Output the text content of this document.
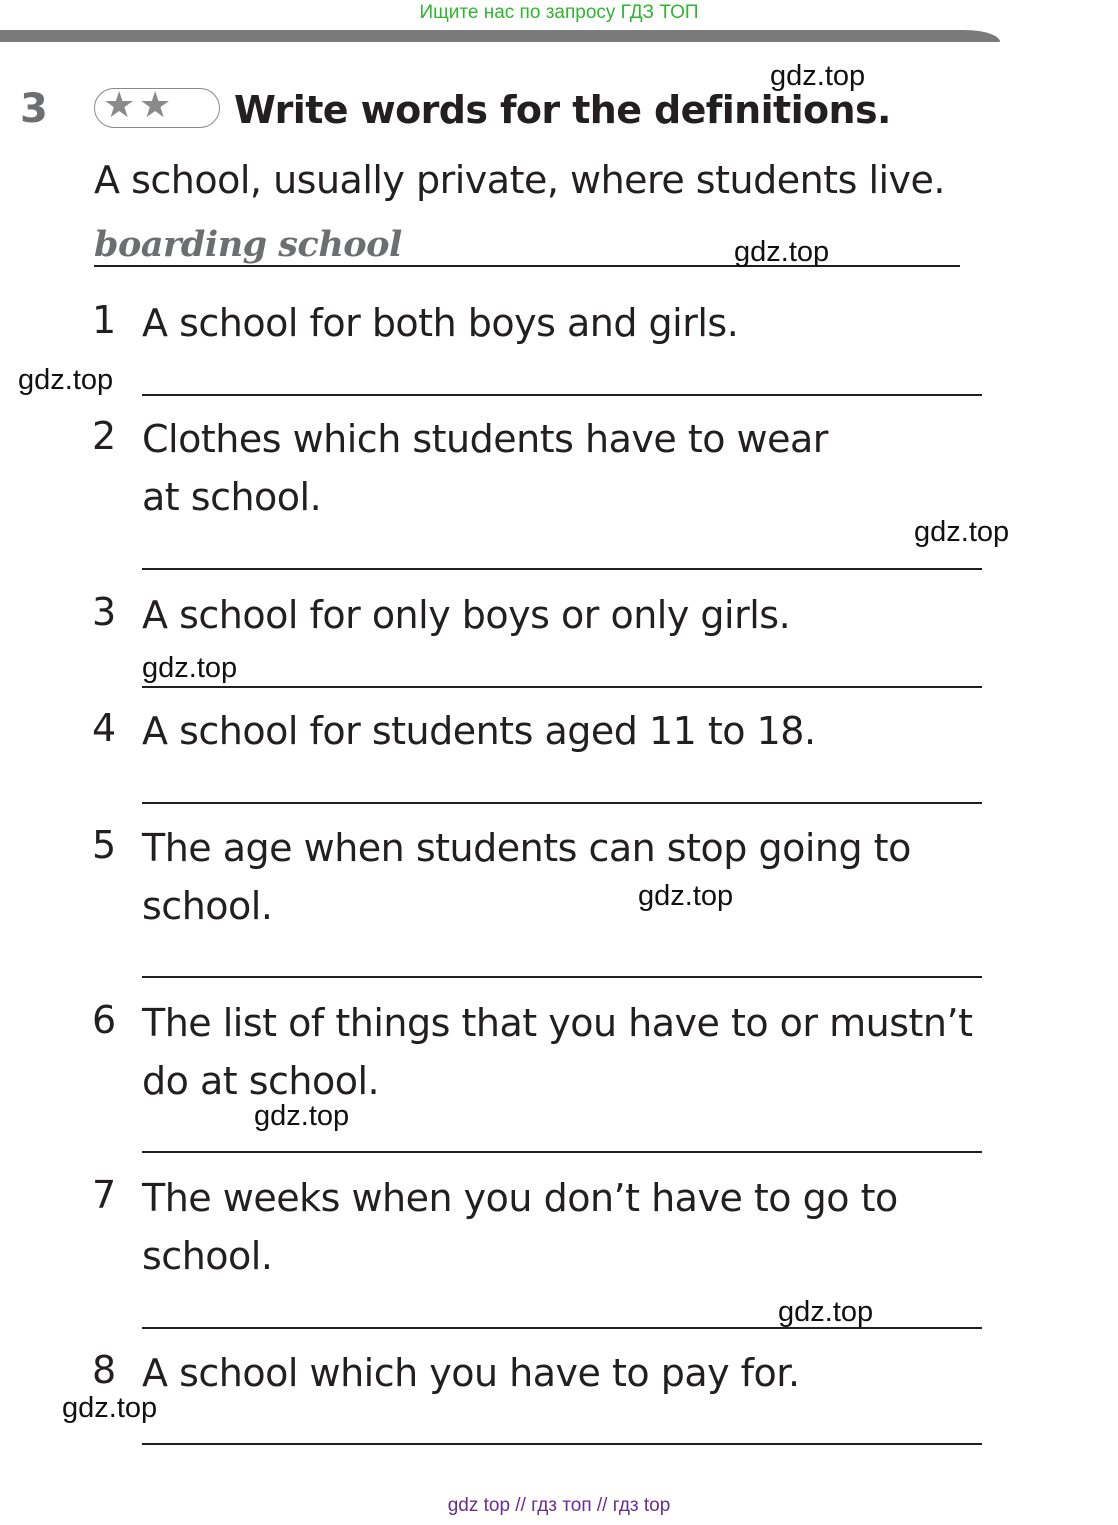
Ищите нас по запросу ГДЗ ТОП
3 ★ ★ Write words for the definitions.
A school, usually private, where students live.
boarding school
1 A school for both boys and girls.
2 Clothes which students have to wear at school.
3 A school for only boys or only girls.
4 A school for students aged 11 to 18.
5 The age when students can stop going to school.
6 The list of things that you have to or mustn’t do at school.
7 The weeks when you don’t have to go to school.
8 A school which you have to pay for.
gdz.top
gdz.top
gdz.top
gdz.top
gdz.top
gdz.top
gdz.top
gdz.top
gdz.top
gdz top // гдз топ // гдз top
